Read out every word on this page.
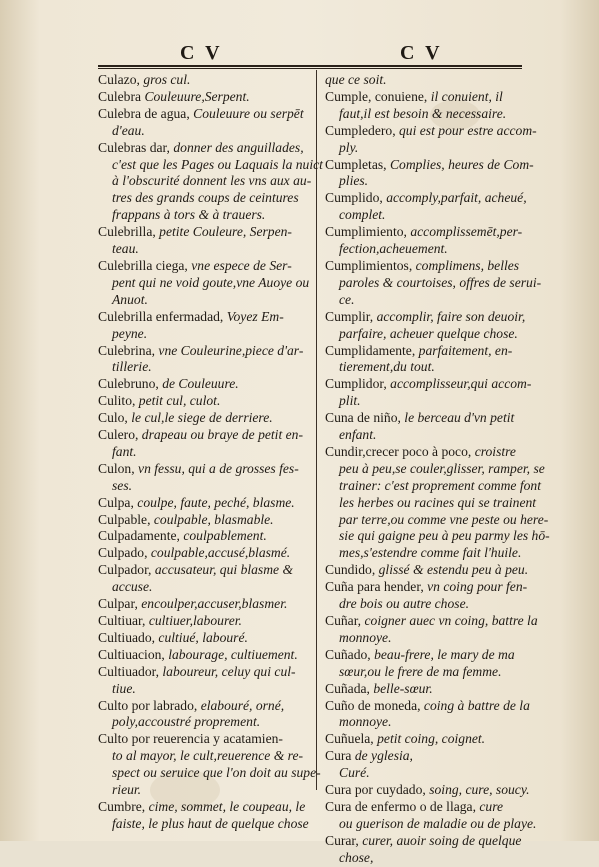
C V	C V
Culazo, gros cul.
Culebra Couleuure,Serpent.
Culebra de agua, Couleuure ou serpēt
d'eau.
Culebras dar, donner des anguillades,
c'est que les Pages ou Laquais la nuict
à l'obscurité donnent les vns aux au-
tres des grands coups de ceintures
frappans à tors & à trauers.
Culebrilla, petite Couleure, Serpen-
teau.
Culebrilla ciega, vne espece de Ser-
pent qui ne void goute,vne Auoye ou
Anuot.
Culebrilla enfermadad, Voyez Em-
peyne.
Culebrina, vne Couleurine,piece d'ar-
tillerie.
Culebruno, de Couleuure.
Culito, petit cul, culot.
Culo, le cul,le siege de derriere.
Culero, drapeau ou braye de petit en-
fant.
Culon, vn fessu, qui a de grosses fes-
ses.
Culpa, coulpe, faute, peché, blasme.
Culpable, coulpable, blasmable.
Culpadamente, coulpablement.
Culpado, coulpable,accusé,blasmé.
Culpador, accusateur, qui blasme &
accuse.
Culpar, encoulper,accuser,blasmer.
Cultiuar, cultiuer,labourer.
Cultiuado, cultiué, labouré.
Cultiuacion, labourage, cultiuement.
Cultiuador, laboureur, celuy qui cul-
tiue.
Culto por labrado, elabouré, orné,
poly,accoustré proprement.
Culto por reuerencia y acatamien-
to al mayor, le cult,reuerence & re-
spect ou seruice que l'on doit au supe-
rieur.
Cumbre, cime, sommet, le coupeau, le
faiste, le plus haut de quelque chose
que ce soit.
Cumple, conuiene, il conuient, il
faut,il est besoin & necessaire.
Cumpledero, qui est pour estre accom-
ply.
Cumpletas, Complies, heures de Com-
plies.
Cumplido, accomply,parfait, acheué,
complet.
Cumplimiento, accomplissemēt,per-
fection,acheuement.
Cumplimientos, complimens, belles
paroles & courtoises, offres de serui-
ce.
Cumplir, accomplir, faire son deuoir,
parfaire, acheuer quelque chose.
Cumplidamente, parfaitement, en-
tierement,du tout.
Cumplidor, accomplisseur,qui accom-
plit.
Cuna de niño, le berceau d'vn petit
enfant.
Cundir,crecer poco à poco, croistre
peu à peu,se couler,glisser, ramper, se
trainer: c'est proprement comme font
les herbes ou racines qui se trainent
par terre,ou comme vne peste ou here-
sie qui gaigne peu à peu parmy les hō-
mes,s'estendre comme fait l'huile.
Cundido, glissé & estendu peu à peu.
Cuña para hender, vn coing pour fen-
dre bois ou autre chose.
Cuñar, coigner auec vn coing, battre la
monnoye.
Cuñado, beau-frere, le mary de ma
sœur,ou le frere de ma femme.
Cuñada, belle-sœur.
Cuño de moneda, coing à battre de la
monnoye.
Cuñuela, petit coing, coignet.
Cura de yglesia,
Curé.
Cura por cuydado, soing, cure, soucy.
Cura de enfermo o de llaga, cure
ou guerison de maladie ou de playe.
Curar, curer, auoir soing de quelque
chose,
